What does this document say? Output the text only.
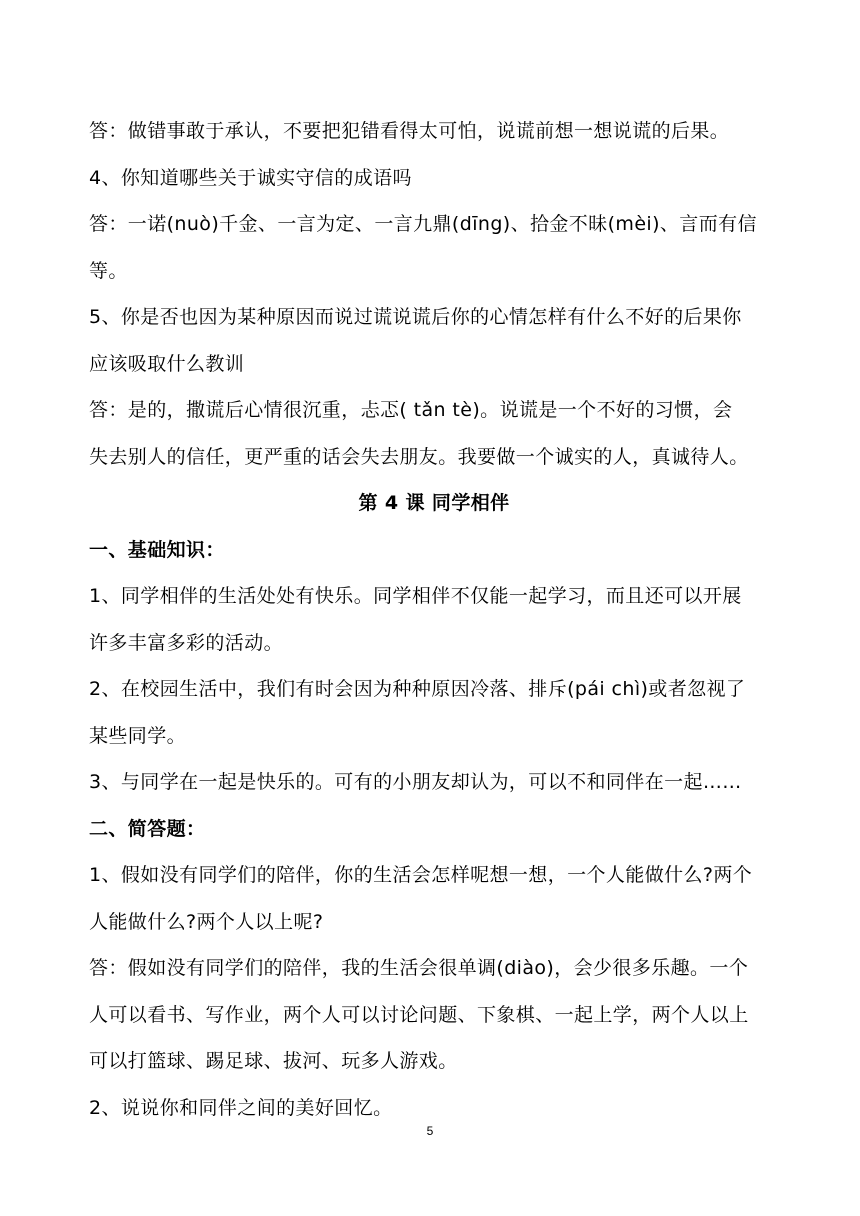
答：做错事敢于承认，不要把犯错看得太可怕，说谎前想一想说谎的后果。
4、你知道哪些关于诚实守信的成语吗
答：一诺(nuò)千金、一言为定、一言九鼎(dīng)、拾金不昧(mèi)、言而有信
等。
5、你是否也因为某种原因而说过谎说谎后你的心情怎样有什么不好的后果你
应该吸取什么教训
答：是的，撒谎后心情很沉重，忐忑( tǎn tè)。说谎是一个不好的习惯，会
失去别人的信任，更严重的话会失去朋友。我要做一个诚实的人，真诚待人。
第 4 课 同学相伴
一、基础知识：
1、同学相伴的生活处处有快乐。同学相伴不仅能一起学习，而且还可以开展
许多丰富多彩的活动。
2、在校园生活中，我们有时会因为种种原因冷落、排斥(pái chì)或者忽视了
某些同学。
3、与同学在一起是快乐的。可有的小朋友却认为，可以不和同伴在一起……
二、简答题：
1、假如没有同学们的陪伴，你的生活会怎样呢想一想，一个人能做什么?两个
人能做什么?两个人以上呢?
答：假如没有同学们的陪伴，我的生活会很单调(diào)，会少很多乐趣。一个
人可以看书、写作业，两个人可以讨论问题、下象棋、一起上学，两个人以上
可以打篮球、踢足球、拔河、玩多人游戏。
2、说说你和同伴之间的美好回忆。
5
